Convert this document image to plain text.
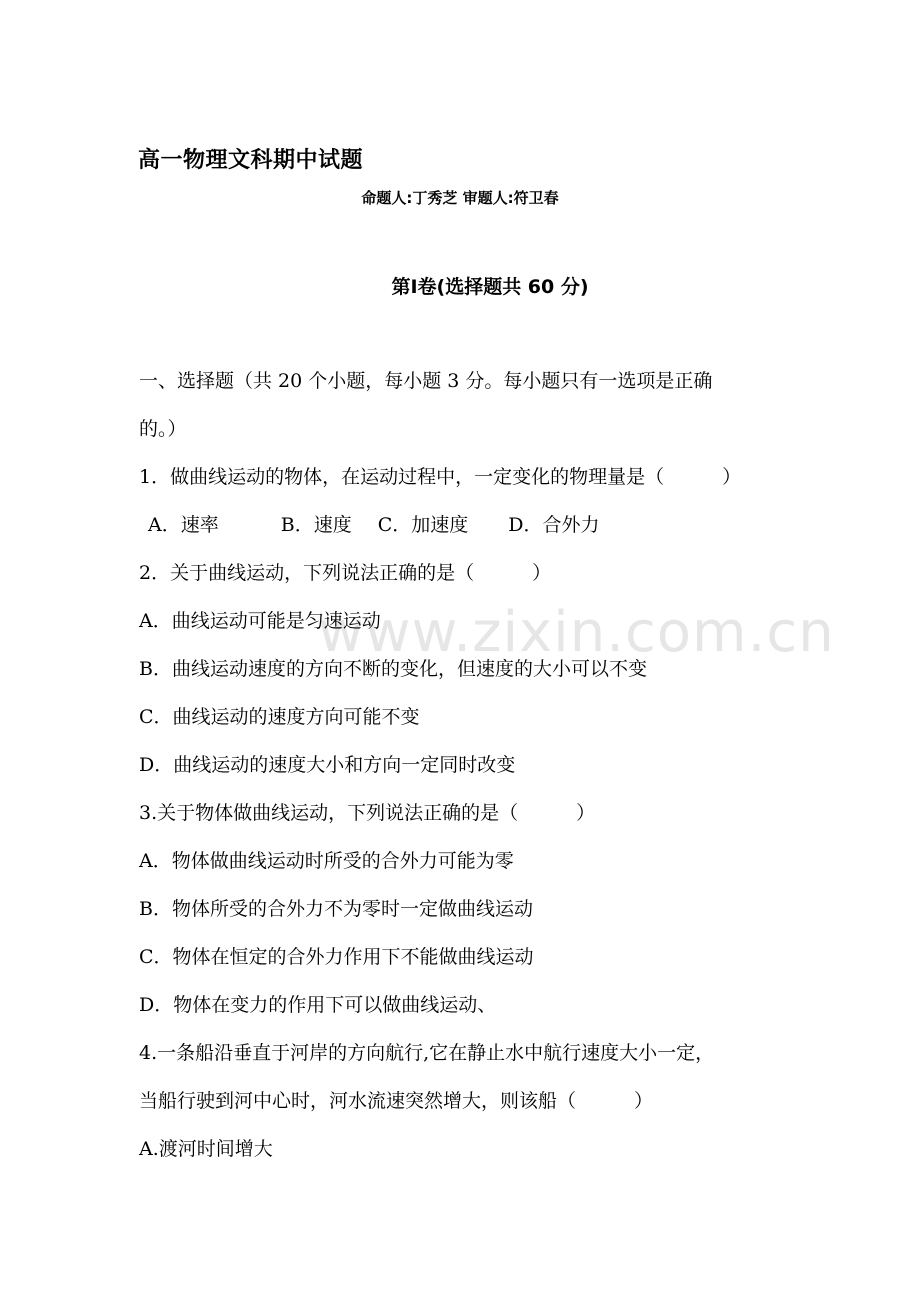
www.zixin.com.cn
高一物理文科期中试题
命题人:丁秀芝 审题人:符卫春
第Ⅰ卷(选择题共 60 分)
一、选择题（共 20 个小题，每小题 3 分。每小题只有一选项是正确
的。）
1．做曲线运动的物体，在运动过程中，一定变化的物理量是（	）
A．速率	B．速度 C．加速度 D．合外力
2．关于曲线运动，下列说法正确的是（	）
A．曲线运动可能是匀速运动
B．曲线运动速度的方向不断的变化，但速度的大小可以不变
C．曲线运动的速度方向可能不变
D．曲线运动的速度大小和方向一定同时改变
3.关于物体做曲线运动，下列说法正确的是（	）
A．物体做曲线运动时所受的合外力可能为零
B．物体所受的合外力不为零时一定做曲线运动
C．物体在恒定的合外力作用下不能做曲线运动
D．物体在变力的作用下可以做曲线运动、
4.一条船沿垂直于河岸的方向航行,它在静止水中航行速度大小一定，
当船行驶到河中心时，河水流速突然增大，则该船（	）
A.渡河时间增大
